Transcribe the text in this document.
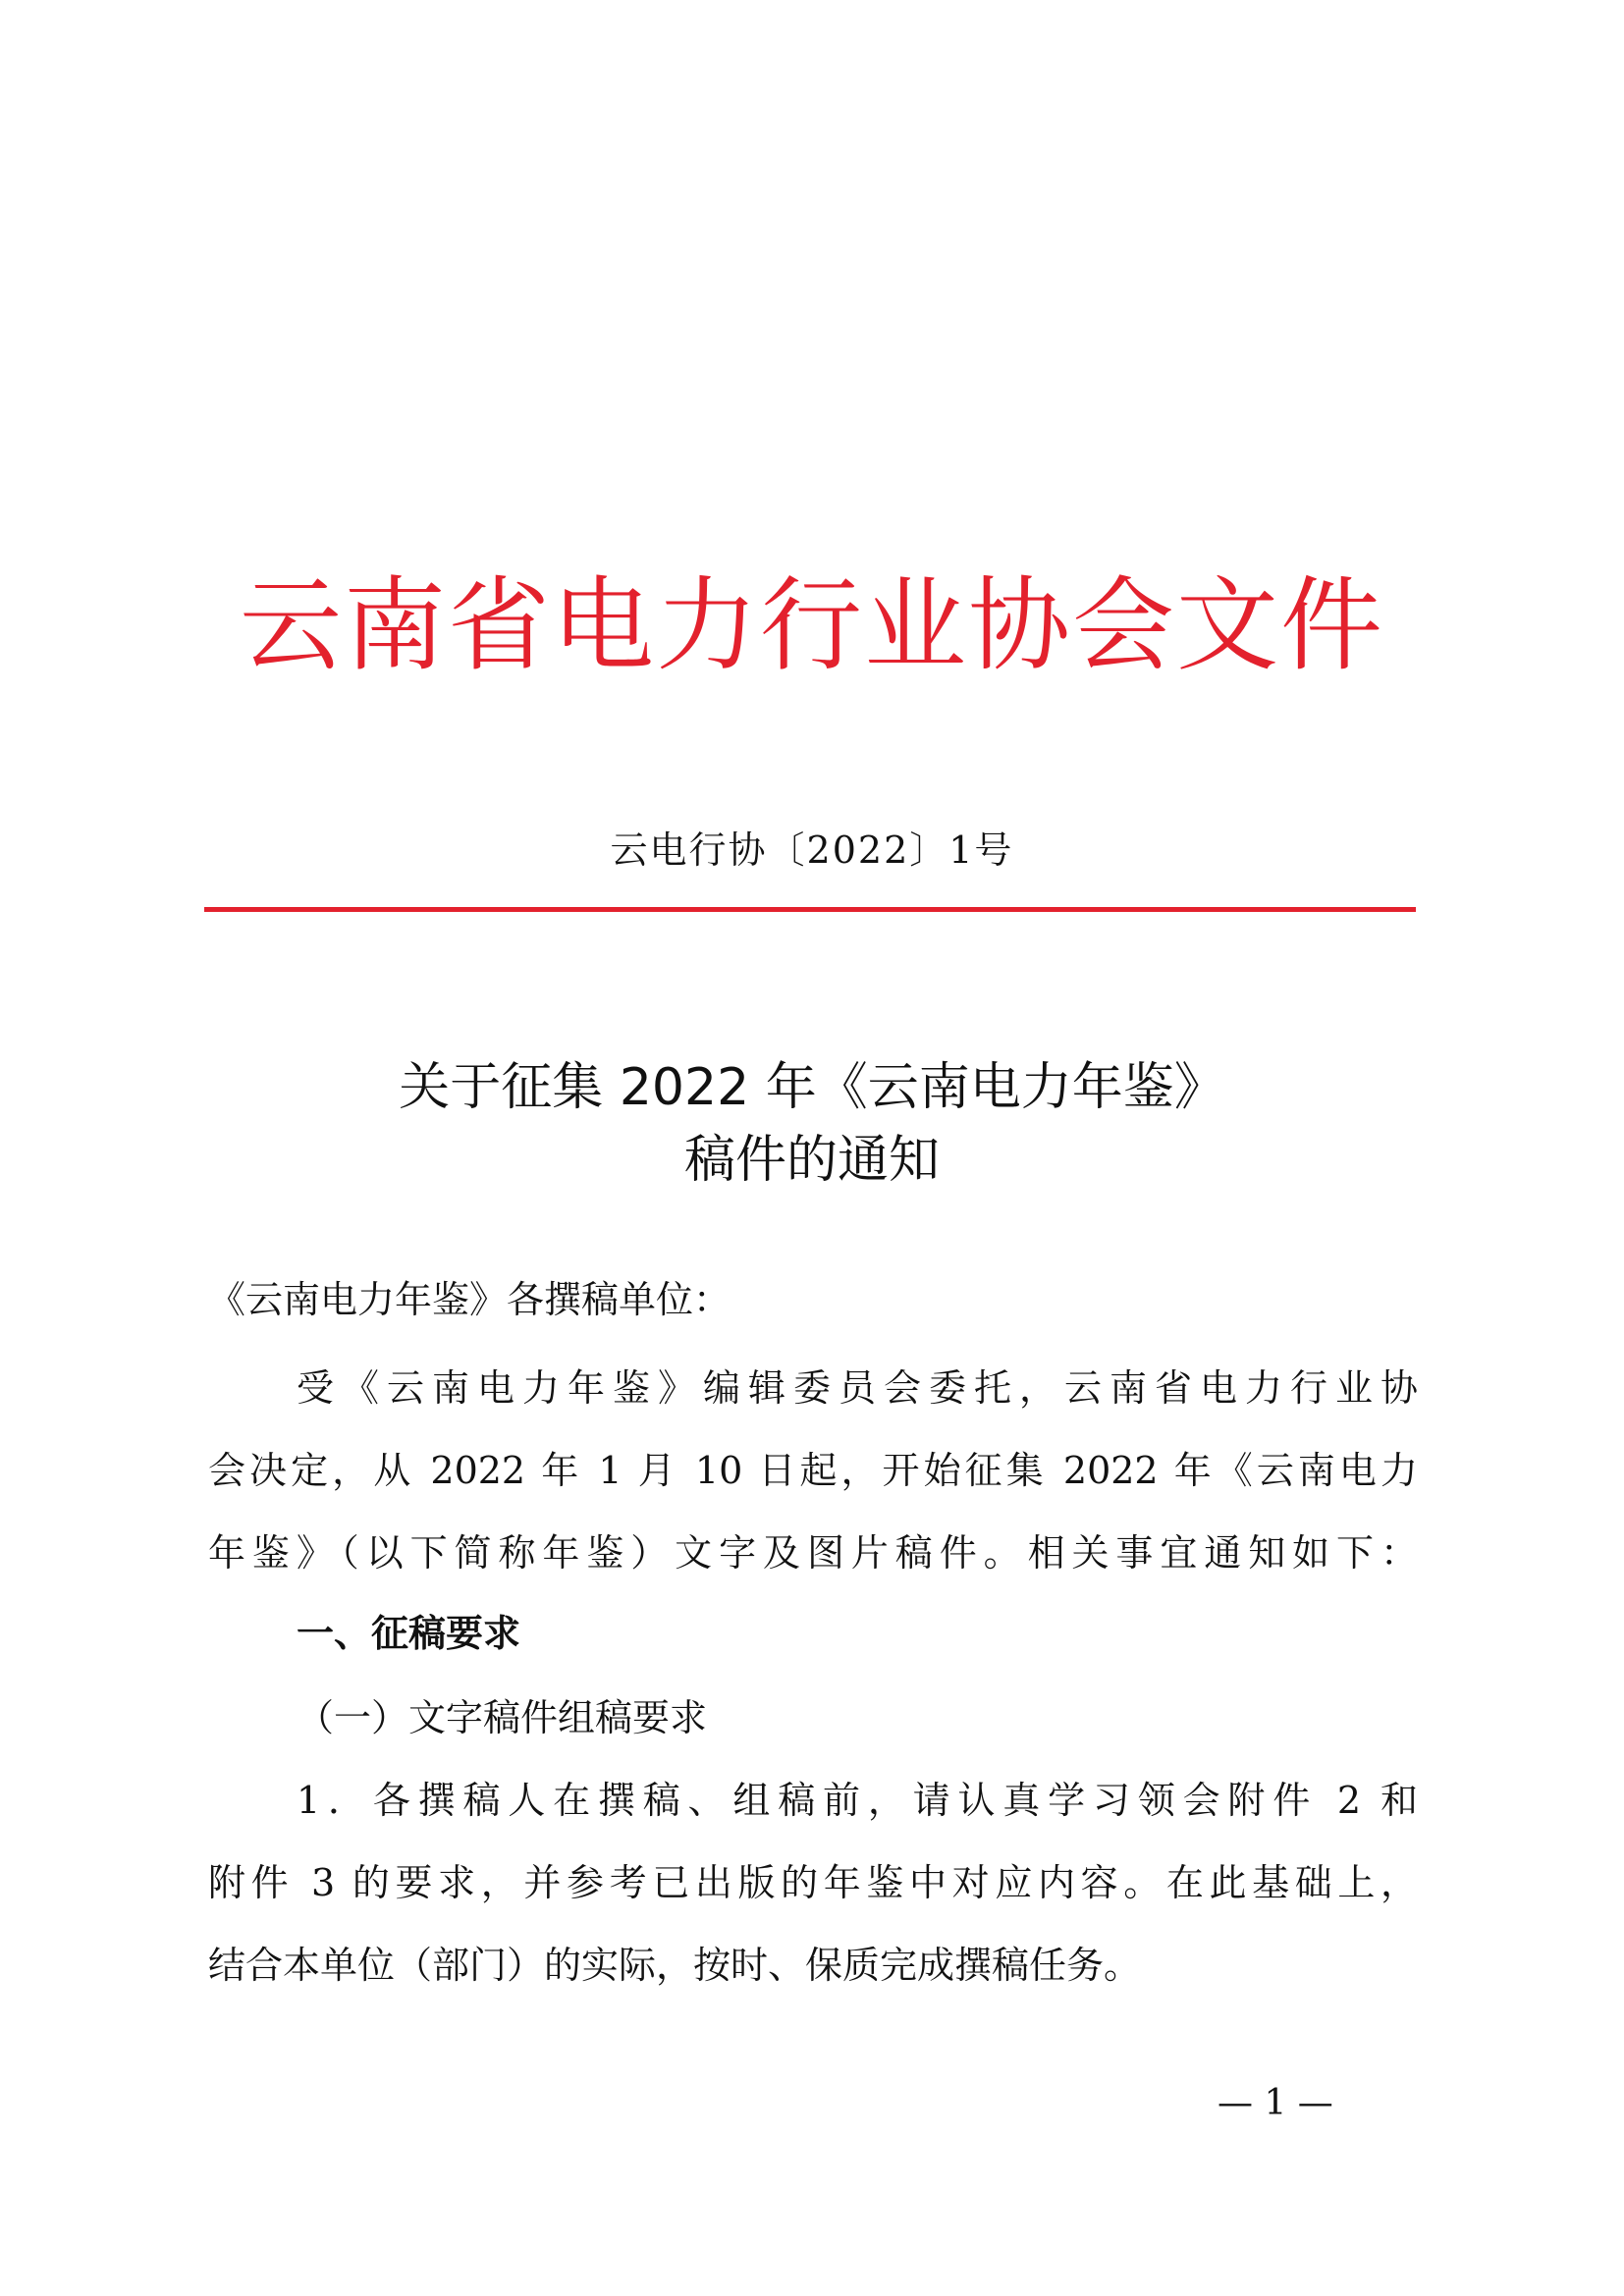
云南省电力行业协会文件
云电行协〔2022〕1号
关于征集 2022 年《云南电力年鉴》
稿件的通知
《云南电力年鉴》各撰稿单位：
受《云南电力年鉴》编辑委员会委托，云南省电力行业协
会决定，从 2022 年 1 月 10 日起，开始征集 2022 年《云南电力
年鉴》（以下简称年鉴）文字及图片稿件。相关事宜通知如下：
一、征稿要求
（一）文字稿件组稿要求
1．各撰稿人在撰稿、组稿前，请认真学习领会附件 2 和
附件 3 的要求，并参考已出版的年鉴中对应内容。在此基础上，
结合本单位（部门）的实际，按时、保质完成撰稿任务。
— 1 —
